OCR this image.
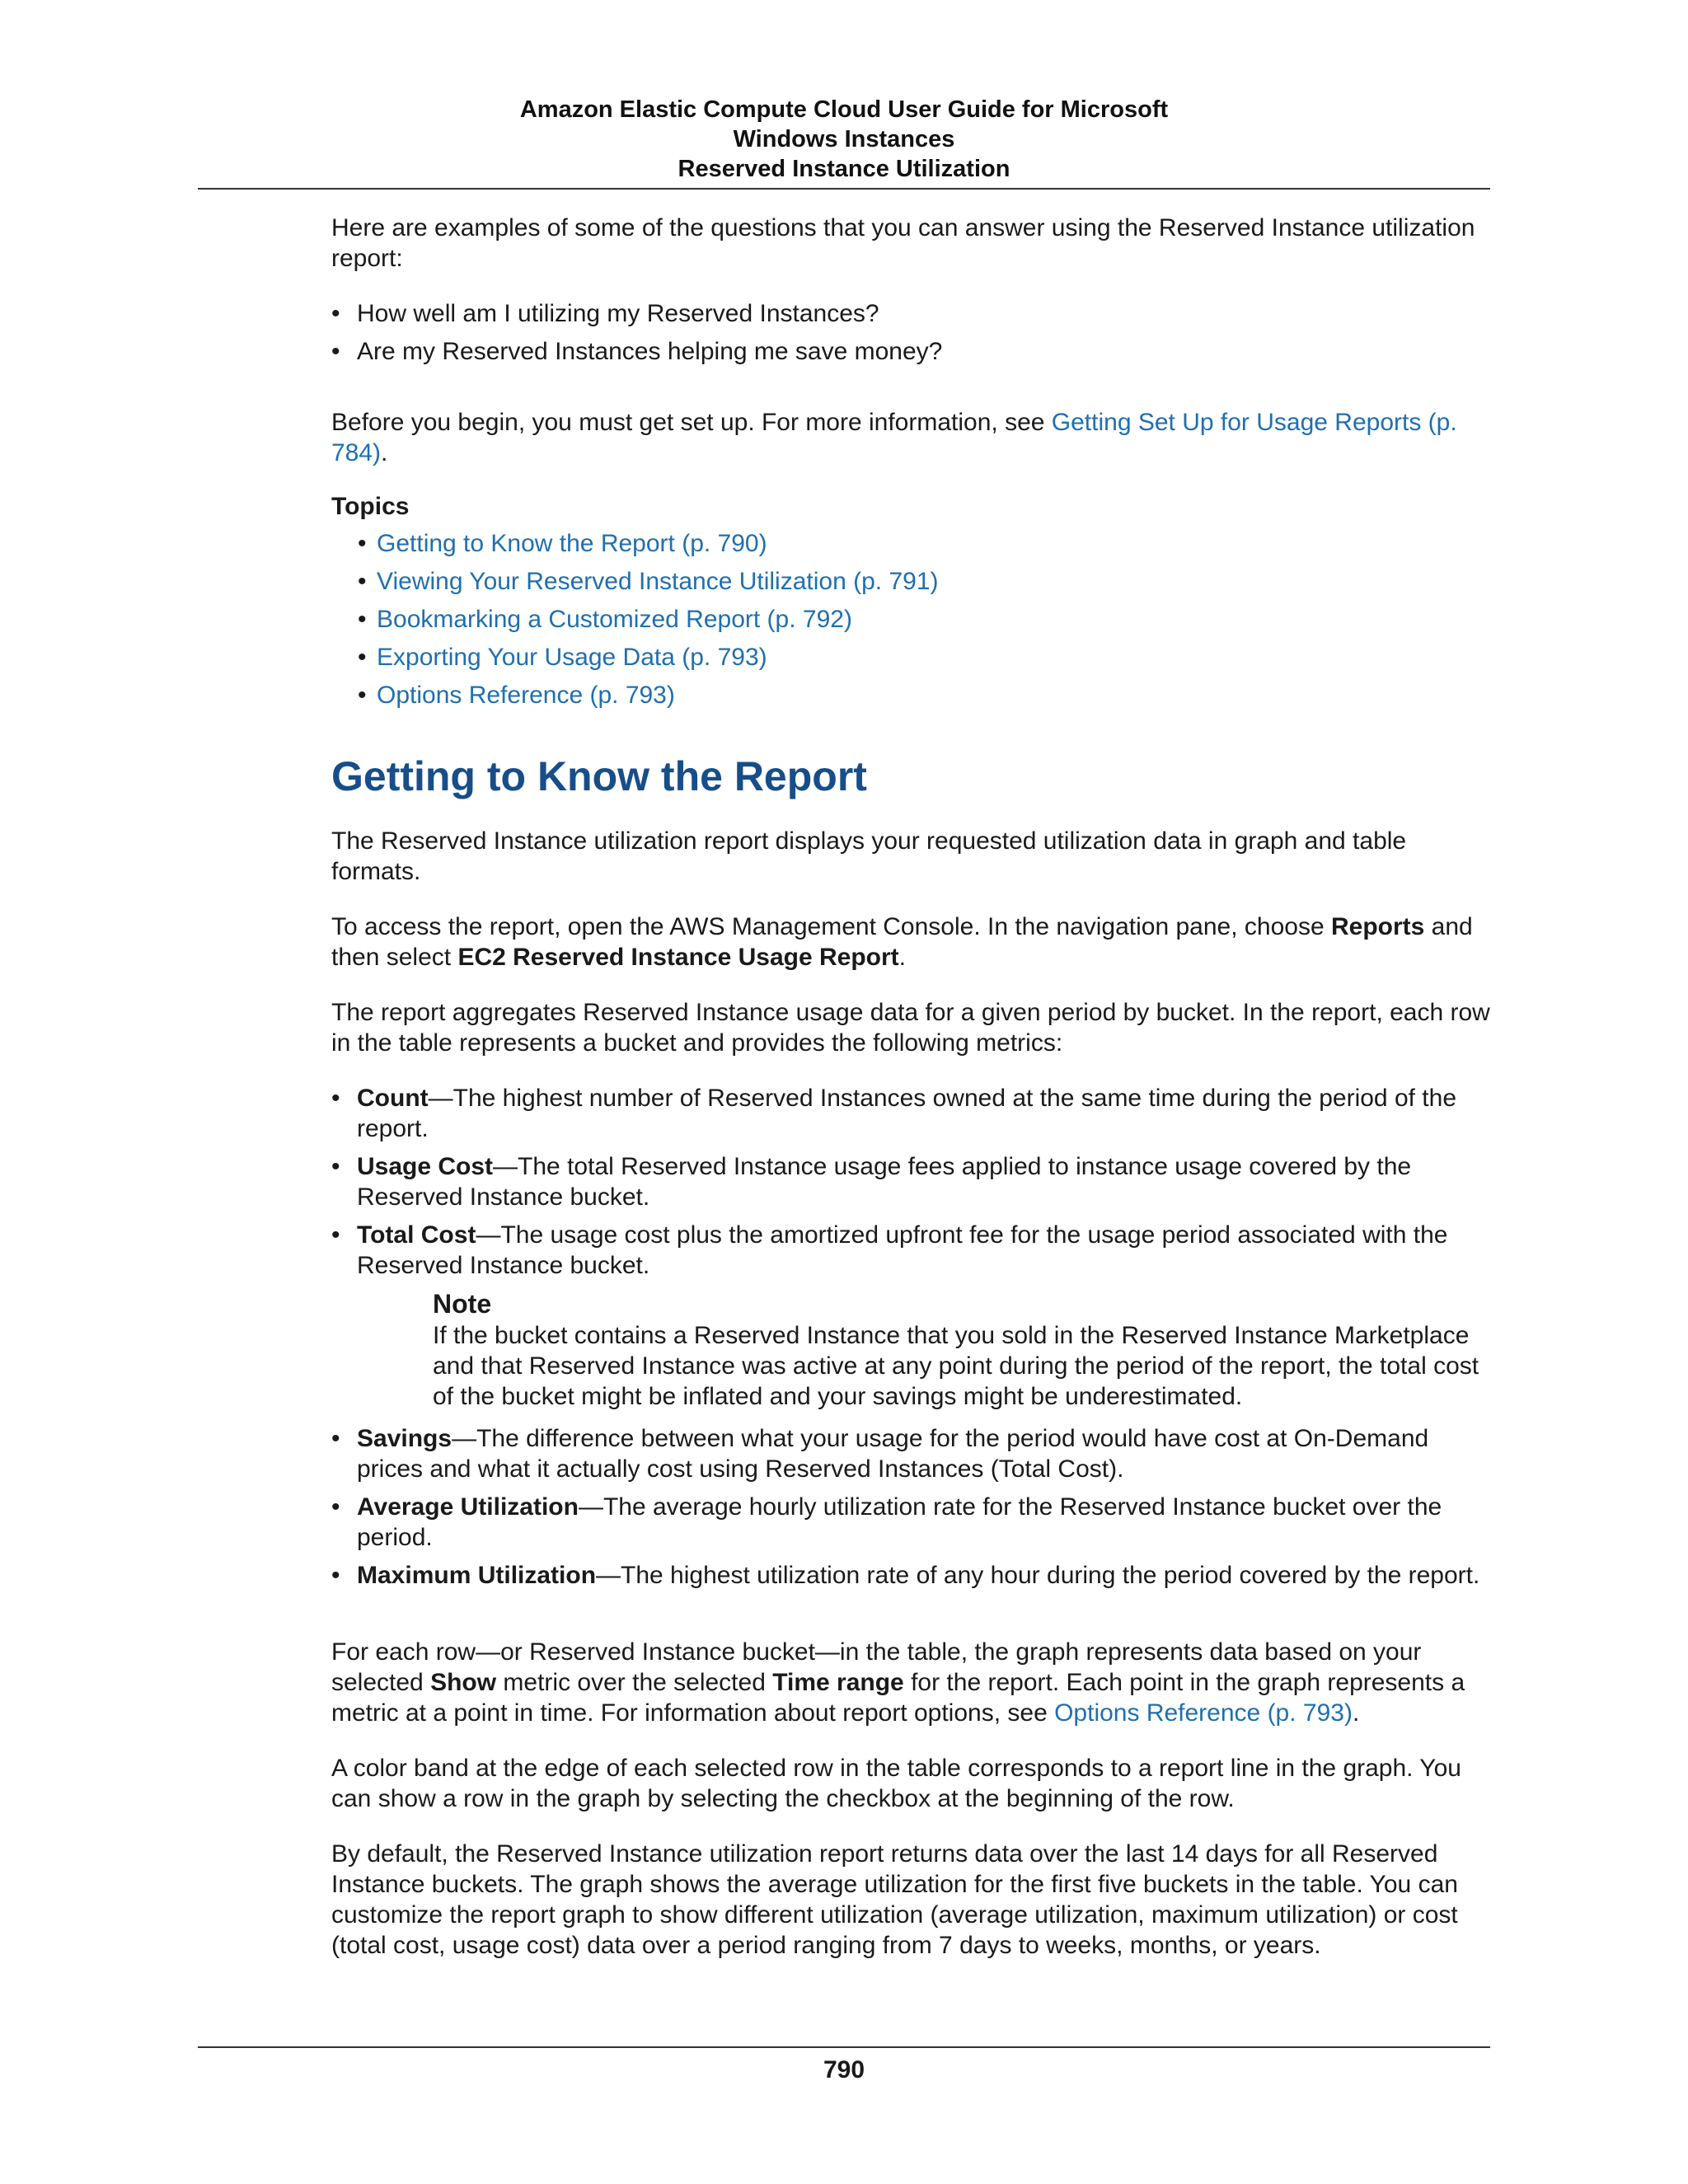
Amazon Elastic Compute Cloud User Guide for Microsoft
Windows Instances
Reserved Instance Utilization

Here are examples of some of the questions that you can answer using the Reserved Instance utilization report:

• How well am I utilizing my Reserved Instances?
• Are my Reserved Instances helping me save money?

Before you begin, you must get set up. For more information, see Getting Set Up for Usage Reports (p. 784).

Topics
• Getting to Know the Report (p. 790)
• Viewing Your Reserved Instance Utilization (p. 791)
• Bookmarking a Customized Report (p. 792)
• Exporting Your Usage Data (p. 793)
• Options Reference (p. 793)
Getting to Know the Report

The Reserved Instance utilization report displays your requested utilization data in graph and table formats.

To access the report, open the AWS Management Console. In the navigation pane, choose Reports and then select EC2 Reserved Instance Usage Report.

The report aggregates Reserved Instance usage data for a given period by bucket. In the report, each row in the table represents a bucket and provides the following metrics:

• Count—The highest number of Reserved Instances owned at the same time during the period of the report.
• Usage Cost—The total Reserved Instance usage fees applied to instance usage covered by the Reserved Instance bucket.
• Total Cost—The usage cost plus the amortized upfront fee for the usage period associated with the Reserved Instance bucket.
Note
If the bucket contains a Reserved Instance that you sold in the Reserved Instance Marketplace and that Reserved Instance was active at any point during the period of the report, the total cost of the bucket might be inflated and your savings might be underestimated.
• Savings—The difference between what your usage for the period would have cost at On-Demand prices and what it actually cost using Reserved Instances (Total Cost).
• Average Utilization—The average hourly utilization rate for the Reserved Instance bucket over the period.
• Maximum Utilization—The highest utilization rate of any hour during the period covered by the report.

For each row—or Reserved Instance bucket—in the table, the graph represents data based on your selected Show metric over the selected Time range for the report. Each point in the graph represents a metric at a point in time. For information about report options, see Options Reference (p. 793).

A color band at the edge of each selected row in the table corresponds to a report line in the graph. You can show a row in the graph by selecting the checkbox at the beginning of the row.

By default, the Reserved Instance utilization report returns data over the last 14 days for all Reserved Instance buckets. The graph shows the average utilization for the first five buckets in the table. You can customize the report graph to show different utilization (average utilization, maximum utilization) or cost (total cost, usage cost) data over a period ranging from 7 days to weeks, months, or years.

790
